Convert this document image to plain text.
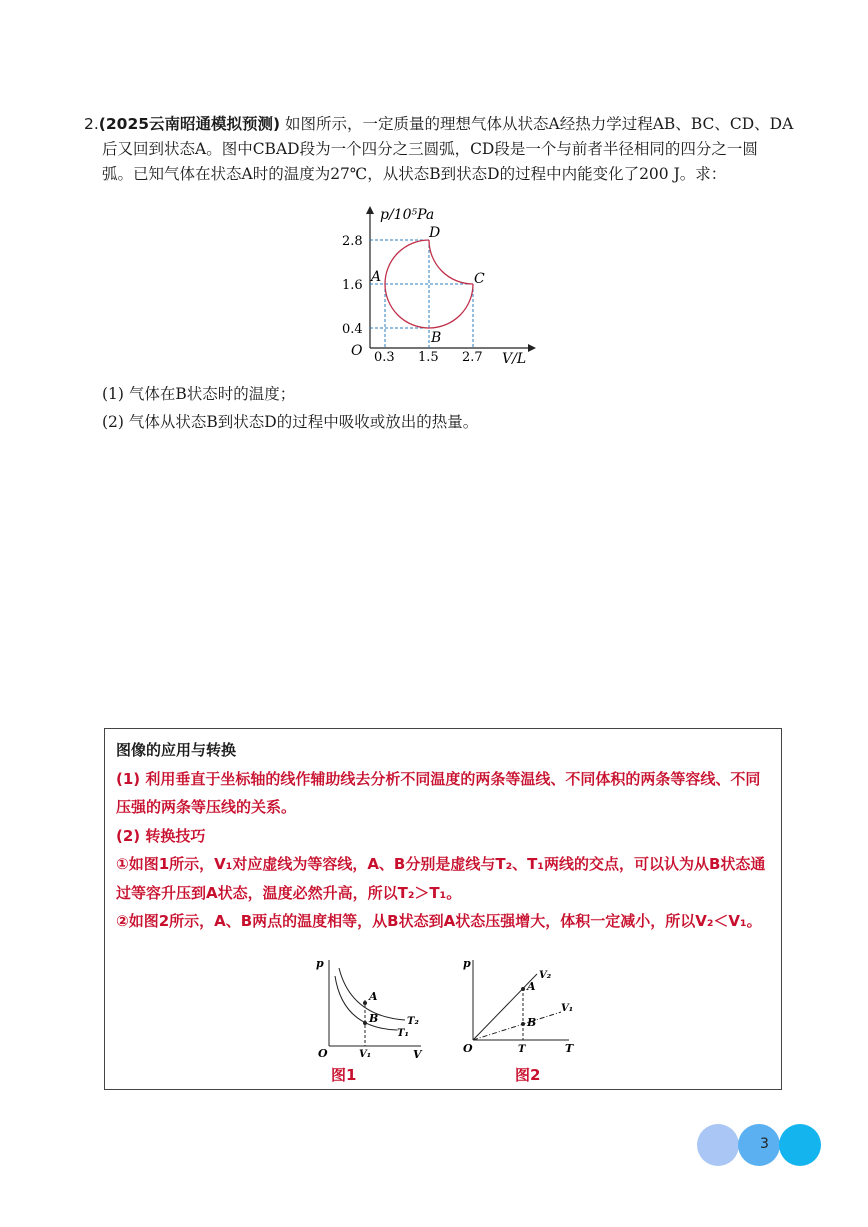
2.(2025云南昭通模拟预测) 如图所示，一定质量的理想气体从状态A经热力学过程AB、BC、CD、DA

后又回到状态A。图中CBAD段为一个四分之三圆弧，CD段是一个与前者半径相同的四分之一圆

弧。已知气体在状态A时的温度为27℃，从状态B到状态D的过程中内能变化了200 J。求：

p/10⁵Pa
V/L
O
2.8
1.6
0.4
0.3 1.5 2.7
A
B
C
D

(1) 气体在B状态时的温度；

(2) 气体从状态B到状态D的过程中吸收或放出的热量。

图像的应用与转换

(1) 利用垂直于坐标轴的线作辅助线去分析不同温度的两条等温线、不同体积的两条等容线、不同压强的两条等压线的关系。

(2) 转换技巧

①如图1所示，V₁对应虚线为等容线，A、B分别是虚线与T₂、T₁两线的交点，可以认为从B状态通过等容升压到A状态，温度必然升高，所以T₂＞T₁。

②如图2所示，A、B两点的温度相等，从B状态到A状态压强增大，体积一定减小，所以V₂＜V₁。

p
V
O	V₁
T₂
T₁
A
B
图1
p
T
O	T
V₂
V₁
A
B
图2
3
